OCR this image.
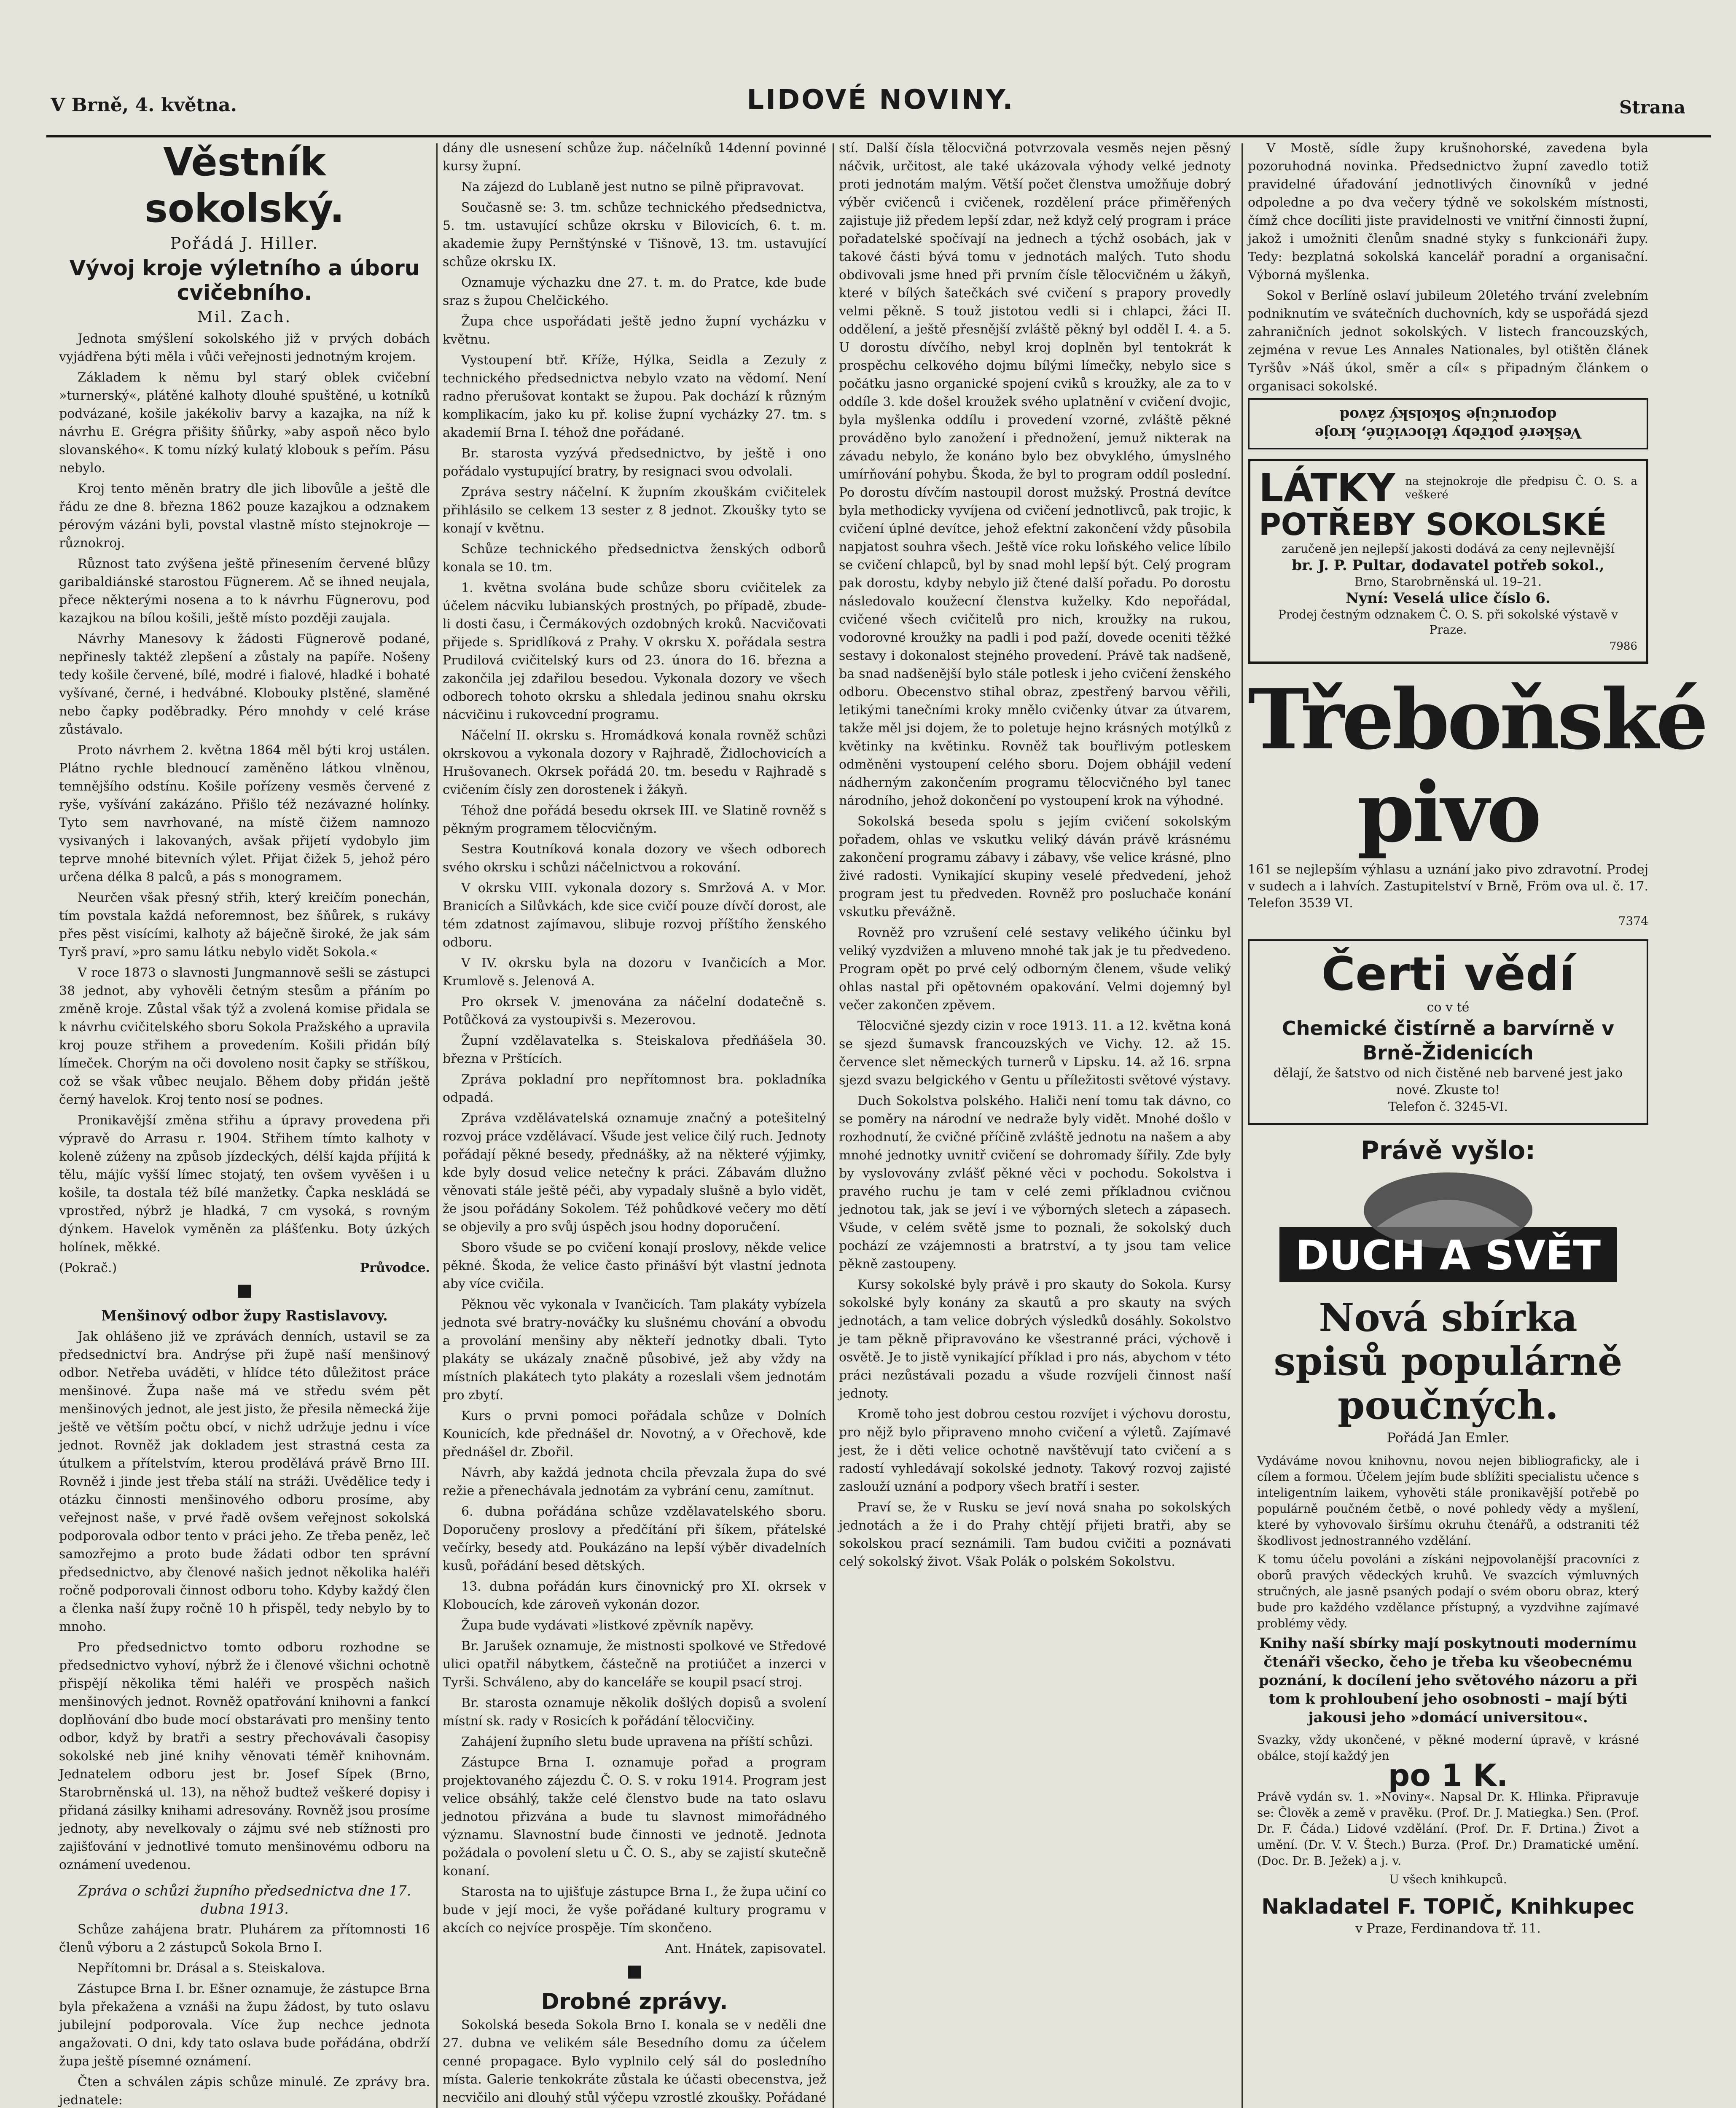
V Brně, 4. května.	LIDOVÉ NOVINY.	Strana
Věstník sokolský.
Pořádá J. Hiller.
Vývoj kroje výletního a úboru cvičebního.
Mil. Zach.

Jednota smýšlení sokolského již v prvých dobách vyjádřena býti měla i vůči veřejnosti jednotným krojem.

Základem k němu byl starý oblek cvičební »turnerský«, plátěné kalhoty dlouhé spuštěné, u kotníků podvázané, košile jakékoliv barvy a kazajka, na níž k návrhu E. Grégra přišity šňůrky, »aby aspoň něco bylo slovanského«. K tomu nízký kulatý klobouk s peřím. Pásu nebylo.

Kroj tento měněn bratry dle jich libovůle a ještě dle řádu ze dne 8. března 1862 pouze kazajkou a odznakem pérovým vázáni byli, povstal vlastně místo stejnokroje — různokroj.

Různost tato zvýšena ještě přinesením červené blůzy garibaldiánské starostou Fügnerem. Ač se ihned neujala, přece některými nosena a to k návrhu Fügnerovu, pod kazajkou na bílou košili, ještě místo později zaujala.

Návrhy Manesovy k žádosti Fügnerově podané, nepřinesly taktéž zlepšení a zůstaly na papíře. Nošeny tedy košile červené, bílé, modré i fialové, hladké i bohaté vyšívané, černé, i hedvábné. Klobouky plstěné, slaměné nebo čapky poděbradky. Péro mnohdy v celé kráse zůstávalo.

Proto návrhem 2. května 1864 měl býti kroj ustálen. Plátno rychle blednoucí zaměněno látkou vlněnou, temnějšího odstínu. Košile pořízeny vesměs červené z ryše, vyšívání zakázáno. Přišlo též nezávazné holínky. Tyto sem navrhované, na místě čižem namnozo vysivaných i lakovaných, avšak přijetí vydobylo jim teprve mnohé bitevních výlet. Přijat čižek 5, jehož péro určena délka 8 palců, a pás s monogramem.

Neurčen však přesný střih, který kreičím ponechán, tím povstala každá neforemnost, bez šňůrek, s rukávy přes pěst visícími, kalhoty až báječně široké, že jak sám Tyrš praví, »pro samu látku nebylo vidět Sokola.«

V roce 1873 o slavnosti Jungmannově sešli se zástupci 38 jednot, aby vyhověli četným stesům a přáním po změně kroje. Zůstal však týž a zvolená komise přidala se k návrhu cvičitelského sboru Sokola Pražského a upravila kroj pouze střihem a provedením. Košili přidán bílý límeček. Chorým na oči dovoleno nosit čapky se stříškou, což se však vůbec neujalo. Během doby přidán ještě černý havelok. Kroj tento nosí se podnes.

Pronikavější změna střihu a úpravy provedena při výpravě do Arrasu r. 1904. Střihem tímto kalhoty v koleně zúženy na způsob jízdeckých, délší kajda příjitá k tělu, májíc vyšší límec stojatý, ten ovšem vyvěšen i u košile, ta dostala též bílé manžetky. Čapka neskládá se vprostřed, nýbrž je hladká, 7 cm vysoká, s rovným dýnkem. Havelok vyměněn za plášťenku. Boty úzkých holínek, měkké.

(Pokrač.)	Průvodce.
■
Menšinový odbor župy Rastislavovy.

Jak ohlášeno již ve zprávách denních, ustavil se za předsednictví bra. Andrýse při župě naší menšinový odbor. Netřeba uváděti, v hlídce této důležitost práce menšinové. Župa naše má ve středu svém pět menšinových jednot, ale jest jisto, že přesila německá žije ještě ve větším počtu obcí, v nichž udržuje jednu i více jednot. Rovněž jak dokladem jest strastná cesta za útulkem a přítelstvím, kterou prodělává právě Brno III. Rovněž i jinde jest třeba stálí na stráži. Uvědělice tedy i otázku činnosti menšinového odboru prosíme, aby veřejnost naše, v prvé řadě ovšem veřejnost sokolská podporovala odbor tento v práci jeho. Ze třeba peněz, leč samozřejmo a proto bude žádati odbor ten správní předsednictvo, aby členové našich jednot několika haléři ročně podporovali činnost odboru toho. Kdyby každý člen a členka naší župy ročně 10 h přispěl, tedy nebylo by to mnoho.

Pro předsednictvo tomto odboru rozhodne se předsednictvo vyhoví, nýbrž že i členové všichni ochotně přispějí několika těmi haléři ve prospěch našich menšinových jednot. Rovněž opatřování knihovni a fankcí doplňování dbo bude mocí obstarávati pro menšiny tento odbor, když by bratři a sestry přechovávali časopisy sokolské neb jiné knihy věnovati téměř knihovnám. Jednatelem odboru jest br. Josef Sípek (Brno, Starobrněnská ul. 13), na něhož budtež veškeré dopisy i přidaná zásilky knihami adresovány. Rovněž jsou prosíme jednoty, aby nevelkovaly o zájmu své neb stížnosti pro zajišťování v jednotlivé tomuto menšinovému odboru na oznámení uvedenou.

Zpráva o schůzi župního předsednictva dne 17. dubna 1913.

Schůze zahájena bratr. Pluhárem za přítomnosti 16 členů výboru a 2 zástupců Sokola Brno I.

Nepřítomni br. Drásal a s. Steiskalova.

Zástupce Brna I. br. Ešner oznamuje, že zástupce Brna byla překažena a vznáši na župu žádost, by tuto oslavu jubilejní podporovala. Více žup nechce jednota angažovati. O dni, kdy tato oslava bude pořádána, obdrží župa ještě písemné oznámení.

Čten a schválen zápis schůze minulé. Ze zprávy bra. jednatele:

dány dle usnesení schůze žup. náčelníků 14denní povinné kursy župní.

Na zájezd do Lublaně jest nutno se pilně připravovat.

Současně se: 3. tm. schůze technického předsednictva, 5. tm. ustavující schůze okrsku v Bilovicích, 6. t. m. akademie župy Pernštýnské v Tišnově, 13. tm. ustavující schůze okrsku IX.

Oznamuje výchazku dne 27. t. m. do Pratce, kde bude sraz s župou Chelčického.

Župa chce uspořádati ještě jedno župní vycházku v květnu.

Vystoupení btř. Kříže, Hýlka, Seidla a Zezuly z technického předsednictva nebylo vzato na vědomí. Není radno přerušovat kontakt se župou. Pak dochází k různým komplikacím, jako ku př. kolise župní vycházky 27. tm. s akademií Brna I. téhož dne pořádané.

Br. starosta vyzývá předsednictvo, by ještě i ono pořádalo vystupující bratry, by resignaci svou odvolali.

Zpráva sestry náčelní. K župním zkouškám cvičitelek přihlásilo se celkem 13 sester z 8 jednot. Zkoušky tyto se konají v květnu.

Schůze technického předsednictva ženských odborů konala se 10. tm.

1. května svolána bude schůze sboru cvičitelek za účelem nácviku lubianských prostných, po případě, zbude-li dosti času, i Čermákových ozdobných kroků. Nacvičovati přijede s. Spridlíková z Prahy. V okrsku X. pořádala sestra Prudilová cvičitelský kurs od 23. února do 16. března a zakončila jej zdařilou besedou. Vykonala dozory ve všech odborech tohoto okrsku a shledala jedinou snahu okrsku nácvičinu i rukovcední programu.

Náčelní II. okrsku s. Hromádková konala rovněž schůzi okrskovou a vykonala dozory v Rajhradě, Židlochovicích a Hrušovanech. Okrsek pořádá 20. tm. besedu v Rajhradě s cvičením čísly zen dorostenek i žákyň.

Téhož dne pořádá besedu okrsek III. ve Slatině rovněž s pěkným programem tělocvičným.

Sestra Koutníková konala dozory ve všech odborech svého okrsku i schůzi náčelnictvou a rokování.

V okrsku VIII. vykonala dozory s. Smržová A. v Mor. Branicích a Silůvkách, kde sice cvičí pouze dívčí dorost, ale tém zdatnost zajímavou, slibuje rozvoj příštího ženského odboru.

V IV. okrsku byla na dozoru v Ivančicích a Mor. Krumlově s. Jelenová A.

Pro okrsek V. jmenována za náčelní dodatečně s. Potůčková za vystoupivši s. Mezerovou.

Župní vzdělavatelka s. Steiskalova předňášela 30. března v Prštících.

Zpráva pokladní pro nepřítomnost bra. pokladníka odpadá.

Zpráva vzdělávatelská oznamuje značný a potešitelný rozvoj práce vzdělávací. Všude jest velice čilý ruch. Jednoty pořádají pěkné besedy, přednášky, až na některé výjimky, kde byly dosud velice netečny k práci. Zábavám dlužno věnovati stále ještě péči, aby vypadaly slušně a bylo vidět, že jsou pořádány Sokolem. Též pohůdkové večery mo dětí se objevily a pro svůj úspěch jsou hodny doporučení.

Sboro všude se po cvičení konají proslovy, někde velice pěkné. Škoda, že velice často přinášví být vlastní jednota aby více cvičila.

Pěknou věc vykonala v Ivančicích. Tam plakáty vybízela jednota své bratry-nováčky ku slušnému chování a obvodu a provolání menšiny aby někteří jednotky dbali. Tyto plakáty se ukázaly značně působivé, jež aby vždy na místních plakátech tyto plakáty a rozeslali všem jednotám pro zbytí.

Kurs o prvni pomoci pořádala schůze v Dolních Kounicích, kde přednášel dr. Novotný, a v Ořechově, kde přednášel dr. Zbořil.

Návrh, aby každá jednota chcila převzala župa do své režie a přenechávala jednotám za vybrání cenu, zamítnut.

6. dubna pořádána schůze vzdělavatelského sboru. Doporučeny proslovy a předčítání při šíkem, přátelské večírky, besedy atd. Poukázáno na lepší výběr divadelních kusů, pořádání besed dětských.

13. dubna pořádán kurs činovnický pro XI. okrsek v Kloboucích, kde zároveň vykonán dozor.

Župa bude vydávati »listkové zpěvník napěvy.

Br. Jarušek oznamuje, že mistnosti spolkové ve Středové ulici opatřil nábytkem, částečně na protiúčet a inzerci v Tyrši. Schváleno, aby do kanceláře se koupil psací stroj.

Br. starosta oznamuje několik došlých dopisů a svolení místní sk. rady v Rosicích k pořádání tělocvičiny.

Zahájení župního sletu bude upravena na příští schůzi.

Zástupce Brna I. oznamuje pořad a program projektovaného zájezdu Č. O. S. v roku 1914. Program jest velice obsáhlý, takže celé členstvo bude na tato oslavu jednotou přizvána a bude tu slavnost mimořádného významu. Slavnostní bude činnosti ve jednotě. Jednota požádala o povolení sletu u Č. O. S., aby se zajistí skutečně konaní.

Starosta na to ujišťuje zástupce Brna I., že župa učiní co bude v její moci, že vyše pořádané kultury programu v akcích co nejvíce prospěje. Tím skončeno.

Ant. Hnátek, zapisovatel.
■
Drobné zprávy.

Sokolská beseda Sokola Brno I. konala se v neděli dne 27. dubna ve velikém sále Besedního domu za účelem cenné propagace. Bylo vyplnilo celý sál do posledního místa. Galerie tenkokráte zůstala ke účasti obecenstva, jež necvičilo ani dlouhý stůl výčepu vzrostlé zkoušky. Pořádané

stí. Další čísla tělocvičná potvrzovala vesměs nejen pěsný náčvik, určitost, ale také ukázovala výhody velké jednoty proti jednotám malým. Větší počet členstva umožňuje dobrý výběr cvičenců i cvičenek, rozdělení práce přiměřených zajistuje již předem lepší zdar, než když celý program i práce pořadatelské spočívají na jednech a týchž osobách, jak v takové části bývá tomu v jednotách malých. Tuto shodu obdivovali jsme hned při prvním čísle tělocvičném u žákyň, které v bílých šatečkách své cvičení s prapory provedly velmi pěkně. S touž jistotou vedli si i chlapci, žáci II. oddělení, a ještě přesnější zvláště pěkný byl odděl I. 4. a 5. U dorostu dívčího, nebyl kroj doplněn byl tentokrát k prospěchu celkového dojmu bílými límečky, nebylo sice s počátku jasno organické spojení cviků s kroužky, ale za to v oddíle 3. kde došel kroužek svého uplatnění v cvičení dvojic, byla myšlenka oddílu i provedení vzorné, zvláště pěkné prováděno bylo zanožení i přednožení, jemuž nikterak na závadu nebylo, že konáno bylo bez obvyklého, úmyslného umírňování pohybu. Škoda, že byl to program oddíl poslední. Po dorostu dívčím nastoupil dorost mužský. Prostná devítce byla methodicky vyvíjena od cvičení jednotlivců, pak trojic, k cvičení úplné devítce, jehož efektní zakončení vždy působila napjatost souhra všech. Ještě více roku loňského velice líbilo se cvičení chlapců, byl by snad mohl lepší být. Celý program pak dorostu, kdyby nebylo již čtené další pořadu. Po dorostu následovalo koužecní členstva kuželky. Kdo nepořádal, cvičené všech cvičitelů pro nich, kroužky na rukou, vodorovné kroužky na padli i pod paží, dovede oceniti těžké sestavy i dokonalost stejného provedení. Právě tak nadšeně, ba snad nadšenější bylo stále potlesk i jeho cvičení ženského odboru. Obecenstvo stihal obraz, zpestřený barvou věřili, letikými tanečními kroky mnělo cvičenky útvar za útvarem, takže měl jsi dojem, že to poletuje hejno krásných motýlků z květinky na květinku. Rovněž tak bouřlivým potleskem odměněni vystoupení celého sboru. Dojem obhájil vedení nádherným zakončením programu tělocvičného byl tanec národního, jehož dokončení po vystoupení krok na výhodné.

Sokolská beseda spolu s jejím cvičení sokolským pořadem, ohlas ve vskutku veliký dáván právě krásnému zakončení programu zábavy i zábavy, vše velice krásné, plno živé radosti. Vynikající skupiny veselé předvedení, jehož program jest tu předveden. Rovněž pro posluchače konání vskutku převážně.

Rovněž pro vzrušení celé sestavy velikého účinku byl veliký vyzdvižen a mluveno mnohé tak jak je tu předvedeno. Program opět po prvé celý odborným členem, všude veliký ohlas nastal při opětovném opakování. Velmi dojemný byl večer zakončen zpěvem.

Tělocvičné sjezdy cizin v roce 1913. 11. a 12. května koná se sjezd šumavsk francouzských ve Vichy. 12. až 15. července slet německých turnerů v Lipsku. 14. až 16. srpna sjezd svazu belgického v Gentu u příležitosti světové výstavy.

Duch Sokolstva polského. Haliči není tomu tak dávno, co se poměry na národní ve nedraže byly vidět. Mnohé došlo v rozhodnutí, že cvičné příčině zvláště jednotu na našem a aby mnohé jednotky uvnitř cvičení se dohromady šířily. Zde byly by vyslovovány zvlášť pěkné věci v pochodu. Sokolstva i pravého ruchu je tam v celé zemi příkladnou cvičnou jednotou tak, jak se jeví i ve výborných sletech a zápasech. Všude, v celém světě jsme to poznali, že sokolský duch pochází ze vzájemnosti a bratrství, a ty jsou tam velice pěkně zastoupeny.

Kursy sokolské byly právě i pro skauty do Sokola. Kursy sokolské byly konány za skautů a pro skauty na svých jednotách, a tam velice dobrých výsledků dosáhly. Sokolstvo je tam pěkně připravováno ke všestranné práci, výchově i osvětě. Je to jistě vynikající příklad i pro nás, abychom v této práci nezůstávali pozadu a všude rozvíjeli činnost naší jednoty.

Kromě toho jest dobrou cestou rozvíjet i výchovu dorostu, pro nějž bylo připraveno mnoho cvičení a výletů. Zajímavé jest, že i děti velice ochotně navštěvují tato cvičení a s radostí vyhledávají sokolské jednoty. Takový rozvoj zajisté zaslouží uznání a podpory všech bratří i sester.

Praví se, že v Rusku se jeví nová snaha po sokolských jednotách a že i do Prahy chtějí přijeti bratři, aby se sokolskou prací seznámili. Tam budou cvičiti a poznávati celý sokolský život. Však Polák o polském Sokolstvu.

V Mostě, sídle župy krušnohorské, zavedena byla pozoruhodná novinka. Předsednictvo župní zavedlo totiž pravidelné úřadování jednotlivých činovníků v jedné odpoledne a po dva večery týdně ve sokolském místnosti, čímž chce docíliti jiste pravidelnosti ve vnitřní činnosti župní, jakož i umožniti členům snadné styky s funkcionáři župy. Tedy: bezplatná sokolská kancelář poradní a organisační. Výborná myšlenka.

Sokol v Berlíně oslaví jubileum 20letého trvání zvelebním podniknutím ve svátečních duchovních, kdy se uspořádá sjezd zahraničních jednot sokolských. V listech francouzských, zejména v revue Les Annales Nationales, byl otištěn článek Tyršův »Náš úkol, směr a cíl« s připadným článkem o organisaci sokolské.

Veškeré potřeby tělocvičné, kroje
doporučuje Sokolský závod
LÁTKY na stejnokroje dle předpisu Č. O. S. a veškeré
POTŘEBY SOKOLSKÉ
zaručeně jen nejlepší jakosti dodává za ceny nejlevnější
br. J. P. Pultar, dodavatel potřeb sokol.,
Brno, Starobrněnská ul. 19–21.
Nyní: Veselá ulice číslo 6.
Prodej čestným odznakem Č. O. S. při sokolské výstavě v Praze.
7986
Třeboňské pivo

161 se nejlepším výhlasu a uznání jako pivo zdravotní. Prodej v sudech a i lahvích. Zastupitelství v Brně, Fröm ova ul. č. 17. Telefon 3539 VI.

7374
Čerti vědí
co v té
Chemické čistírně a barvírně v Brně-Židenicích
dělají, že šatstvo od nich čistěné neb barvené jest jako nové. Zkuste to!
Telefon č. 3245-VI.
Právě vyšlo:
DUCH A SVĚT
Nová sbírka spisů populárně poučných.
Pořádá Jan Emler.

Vydáváme novou knihovnu, novou nejen bibliograficky, ale i cílem a formou. Účelem jejím bude sblížiti specialistu učence s inteligentním laikem, vyhověti stále pronikavější potřebě po populárně poučném četbě, o nové pohledy vědy a myšlení, které by vyhovovalo širšímu okruhu čtenářů, a odstraniti též škodlivost jednostranného vzdělání.

K tomu účelu povoláni a získáni nejpovolanější pracovníci z oborů pravých vědeckých kruhů. Ve svazcích výmluvných stručných, ale jasně psaných podají o svém oboru obraz, který bude pro každého vzdělance přístupný, a vyzdvihne zajímavé problémy vědy.

Knihy naší sbírky mají poskytnouti modernímu čtenáři všecko, čeho je třeba ku všeobecnému poznání, k docílení jeho světového názoru a při tom k prohloubení jeho osobnosti – mají býti jakousi jeho »domácí universitou«.

Svazky, vždy ukončené, v pěkné moderní úpravě, v krásné obálce, stojí každý jen

po 1 K.

Právě vydán sv. 1. »Noviny«. Napsal Dr. K. Hlinka. Připravuje se: Člověk a země v pravěku. (Prof. Dr. J. Matiegka.) Sen. (Prof. Dr. F. Čáda.) Lidové vzdělání. (Prof. Dr. F. Drtina.) Život a umění. (Dr. V. V. Štech.) Burza. (Prof. Dr.) Dramatické umění. (Doc. Dr. B. Ježek) a j. v.

U všech knihkupců.
Nakladatel F. TOPIČ, Knihkupec
v Praze, Ferdinandova tř. 11.
